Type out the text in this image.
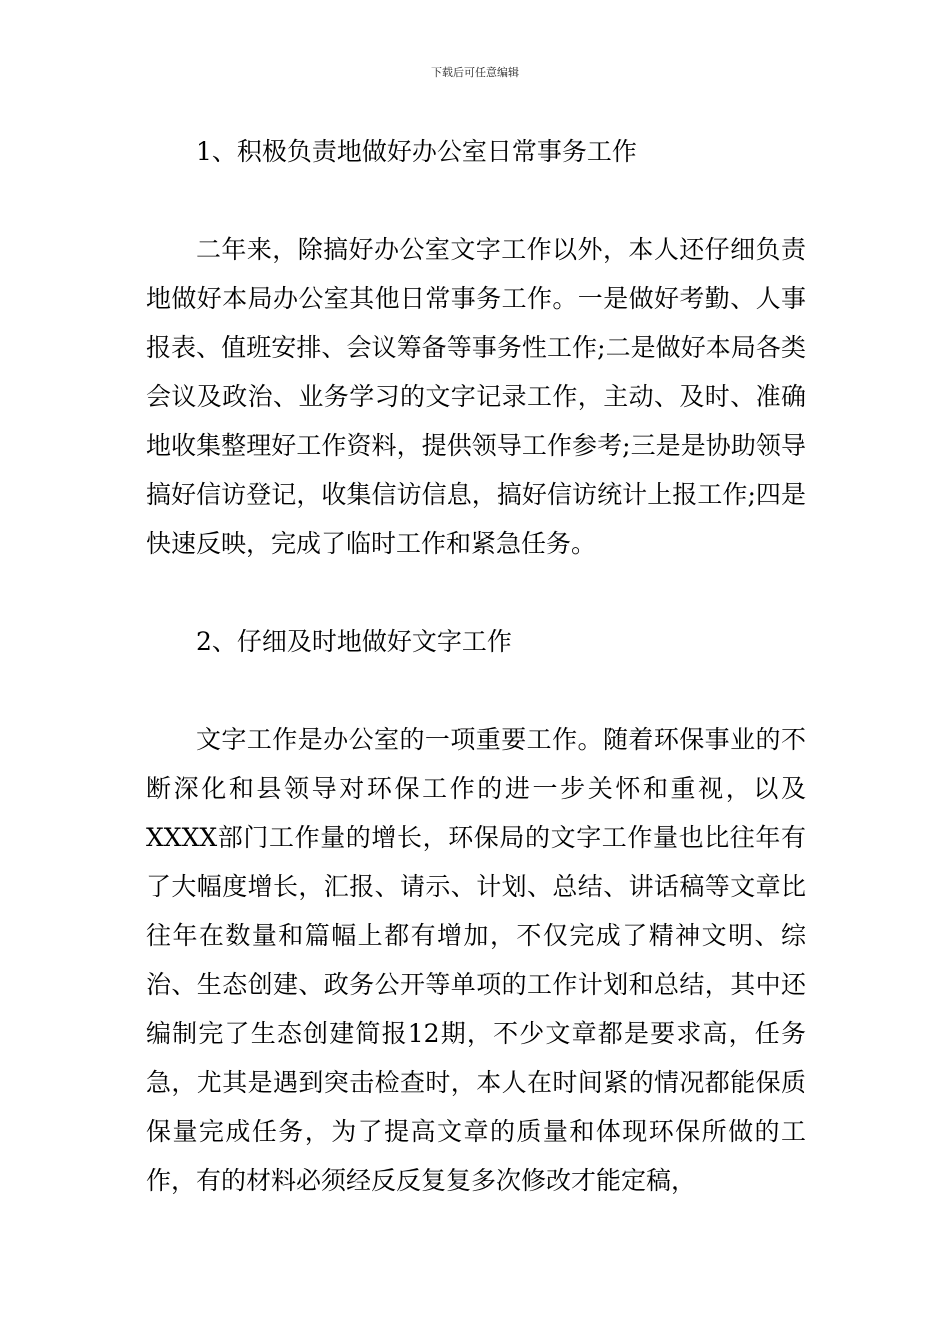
下载后可任意编辑

1、积极负责地做好办公室日常事务工作

二年来，除搞好办公室文字工作以外，本人还仔细负责地做好本局办公室其他日常事务工作。一是做好考勤、人事报表、值班安排、会议筹备等事务性工作;二是做好本局各类会议及政治、业务学习的文字记录工作，主动、及时、准确地收集整理好工作资料，提供领导工作参考;三是是协助领导搞好信访登记，收集信访信息，搞好信访统计上报工作;四是快速反映，完成了临时工作和紧急任务。

2、仔细及时地做好文字工作

文字工作是办公室的一项重要工作。随着环保事业的不断深化和县领导对环保工作的进一步关怀和重视，以及XXXX部门工作量的增长，环保局的文字工作量也比往年有了大幅度增长，汇报、请示、计划、总结、讲话稿等文章比往年在数量和篇幅上都有增加，不仅完成了精神文明、综治、生态创建、政务公开等单项的工作计划和总结，其中还编制完了生态创建简报12期，不少文章都是要求高，任务急，尤其是遇到突击检查时，本人在时间紧的情况都能保质保量完成任务，为了提高文章的质量和体现环保所做的工作，有的材料必须经反反复复多次修改才能定稿，
